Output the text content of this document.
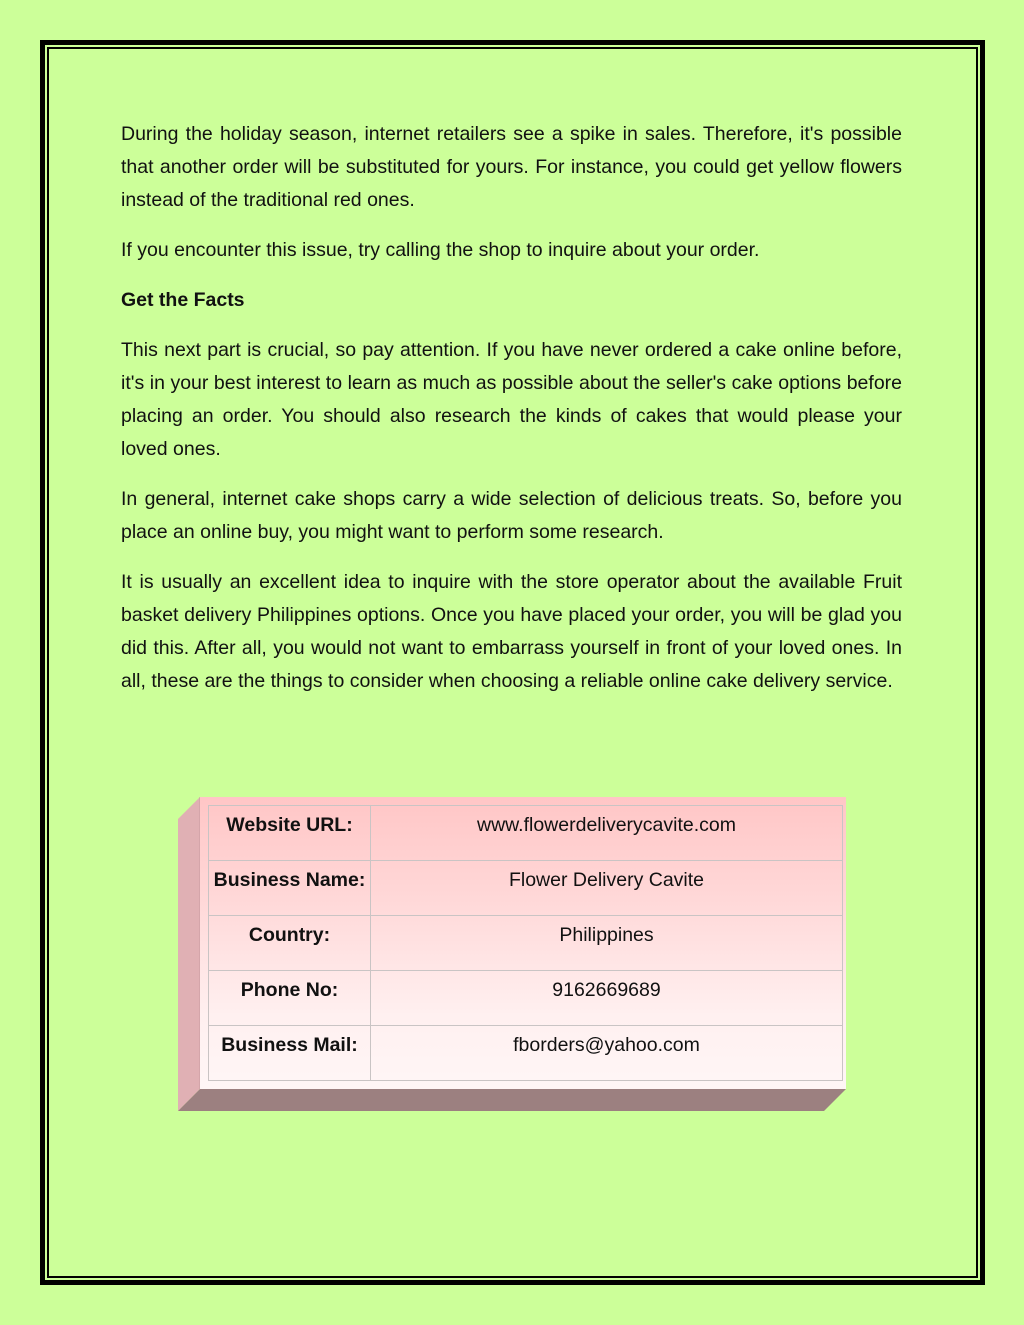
During the holiday season, internet retailers see a spike in sales. Therefore, it's possible that another order will be substituted for yours. For instance, you could get yellow flowers instead of the traditional red ones.

If you encounter this issue, try calling the shop to inquire about your order.

Get the Facts

This next part is crucial, so pay attention. If you have never ordered a cake online before, it's in your best interest to learn as much as possible about the seller's cake options before placing an order. You should also research the kinds of cakes that would please your loved ones.

In general, internet cake shops carry a wide selection of delicious treats. So, before you place an online buy, you might want to perform some research.

It is usually an excellent idea to inquire with the store operator about the available Fruit basket delivery Philippines options. Once you have placed your order, you will be glad you did this. After all, you would not want to embarrass yourself in front of your loved ones. In all, these are the things to consider when choosing a reliable online cake delivery service.

Website URL:	www.flowerdeliverycavite.com
Business Name:	Flower Delivery Cavite
Country:	Philippines
Phone No:	9162669689
Business Mail:	fborders@yahoo.com
